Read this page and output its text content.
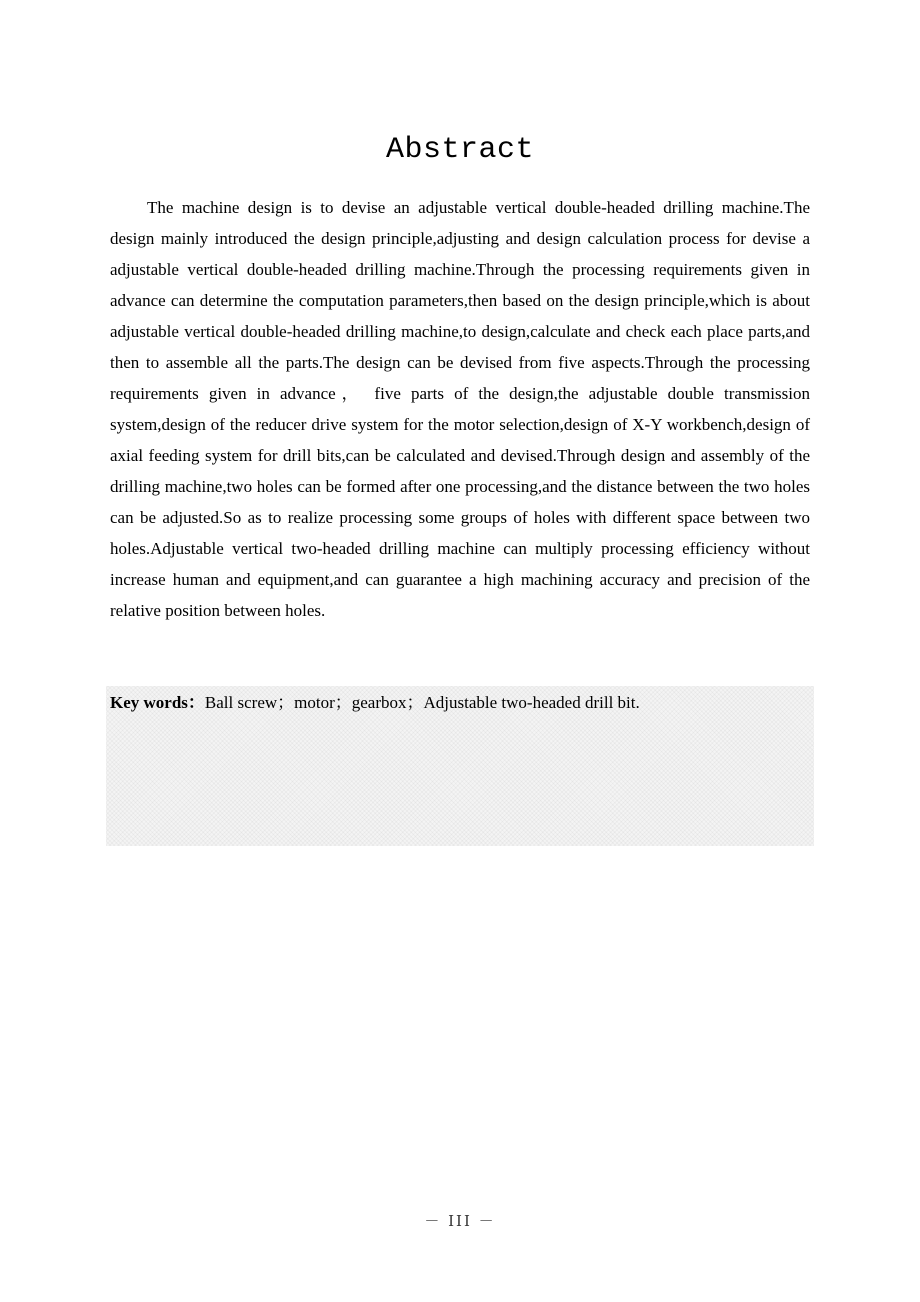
Abstract

The machine design is to devise an adjustable vertical double-headed drilling machine.The design mainly introduced the design principle,adjusting and design calculation process for devise a adjustable vertical double-headed drilling machine.Through the processing requirements given in advance can determine the computation parameters,then based on the design principle,which is about adjustable vertical double-headed drilling machine,to design,calculate and check each place parts,and then to assemble all the parts.The design can be devised from five aspects.Through the processing requirements given in advance， five parts of the design,the adjustable double transmission system,design of the reducer drive system for the motor selection,design of X-Y workbench,design of axial feeding system for drill bits,can be calculated and devised.Through design and assembly of the drilling machine,two holes can be formed after one processing,and the distance between the two holes can be adjusted.So as to realize processing some groups of holes with different space between two holes.Adjustable vertical two-headed drilling machine can multiply processing efficiency without increase human and equipment,and can guarantee a high machining accuracy and precision of the relative position between holes.

Key words：Ball screw；motor；gearbox；Adjustable two-headed drill bit.
－ III －
